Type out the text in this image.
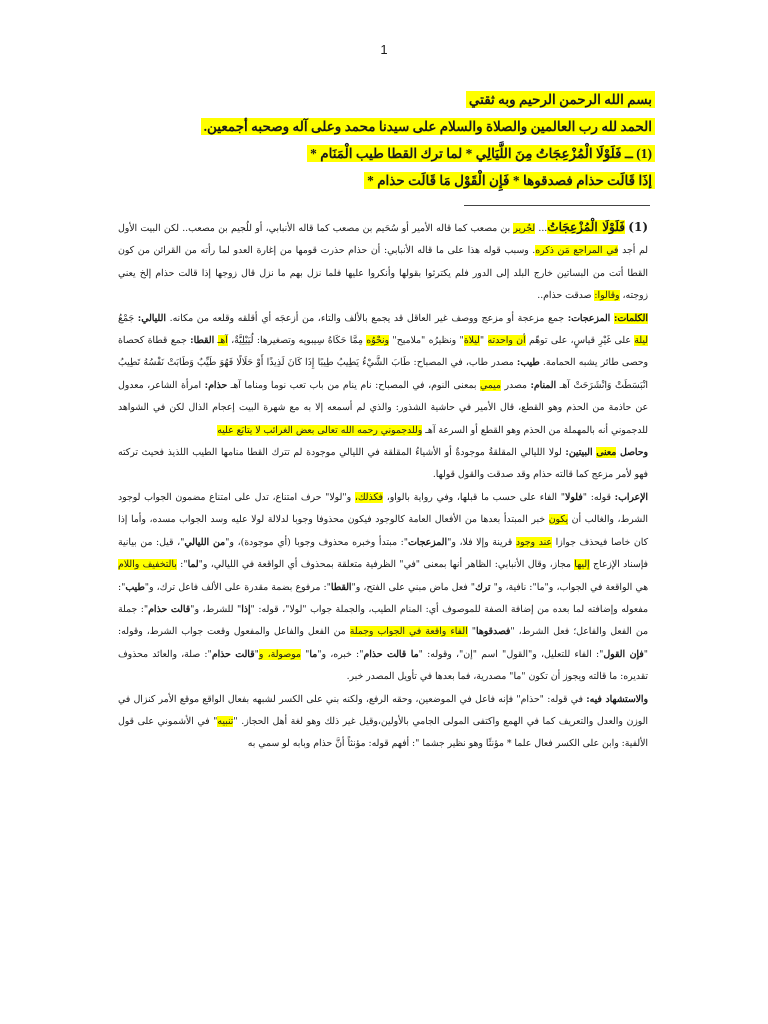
1
بسم الله الرحمن الرحيم وبه ثقتي
الحمد لله رب العالمين والصلاة والسلام على سيدنا محمد وعلى آله وصحبه أجمعين.
(1) ــ فَلَوْلَا الْمُزْعِجَاتُ مِنَ اللَّيَالِي * لما ترك القطا طيب الْمَنَام *
إذَا قَالَت حذام فصدقوها * فَإِن الْقَوْل مَا قَالَت حذام *

(1) فَلَوْلَا الْمُزْعِجَاتُ... لجُرير بن مصعب كما قاله الأمير أو سُحَيم بن مصعب كما قاله الأنبابي، أو للُجيم بن مصعب.. لكن البيت الأول لم أجد في المراجع مَن ذكره. وسبب قوله هذا على ما قاله الأنبابي: أن حذام حذرت قومها من إغارة العدو لما رأته من القرائن من كون القطا أتت من البساتين خارج البلد إلى الدور فلم يكترثوا بقولها وأنكروا عليها فلما نزل بهم ما نزل قال زوجها إذا قالت حذام إلخ يعني زوجته، وقالوا: صدقت حذام..

الكلمات: المزعجات: جمع مزعجة أو مزعج ووصف غير العاقل قد يجمع بالألف والتاء، من أزعجَه أي أقلقه وقلعه من مكانه. الليالي: جَمْعُ ليلة على غَيْرِ قياسٍ، على توهّم أن واحدته "ليلاة" ونظيرُه "ملاميح" ونحْوُه مِمَّا حَكَاهُ سِيبويه وتصغيرها: لُيَيْلِيَّةٌ، آهـ القطا: جمع قطاة كحصاة وحصى طائر يشبه الحمامة. طيب: مصدر طاب، في المصباح: طَابَ الشَّيْءُ يَطِيبُ طِيبًا إِذَا كَانَ لَذِيذًا أَوْ حَلَالًا فَهُوَ طَيِّبٌ وَطَابَتْ نَفْسُهُ تَطِيبُ انْبَسَطَتْ وَانْشَرَحَتْ آهـ المنام: مصدر ميمي بمعنى النوم، في المصباح: نام ينام من باب تعب نوما ومناما آهـ حذام: امرأة الشاعر، معدول عن حاذمة من الحذم وهو القطع، قال الأمير في حاشية الشذور: والذي لم أسمعه إلا به مع شهرة البيت إعجام الذال لكن في الشواهد للدجموني أنه بالمهملة من الحذم وهو القطع أو السرعة آهـ وللدجموني رحمه الله تعالى بعض الغرائب لا يتابَع عليه

وحاصل معنى البيتين: لولا الليالي المقلقةُ موجودةٌ أو الأشياءُ المقلقة في الليالي موجودة لم تترك القطا منامها الطيب اللذيذ فحيث تركته فهو لأمر مزعج كما قالته حذام وقد صدقت والقول قولها.

الإعراب: قوله: "فلولا" الفاء على حسب ما قبلها، وفي رواية بالواو، فكذلك، و"لولا" حرف امتناع، تدل على امتناع مضمون الجواب لوجود الشرط، والغالب أن يكون خبر المبتدأ بعدها من الأفعال العامة كالوجود فيكون محذوفا وجوبا لدلالة لولا عليه وسد الجواب مسده، وأما إذا كان خاصا فيحذف جوازا عند وجود قرينة وإلا فلا، و"المزعجات": مبتدأ وخبره محذوف وجوبا (أي موجودة)، و"من الليالي"، قيل: من بيانية فإسناد الإزعاج إليها مجاز، وقال الأنبابي: الظاهر أنها بمعنى "في" الظرفية متعلقة بمحذوف أي الواقعة في الليالي، و"لما": بالتخفيف واللام هي الواقعة في الجواب، و"ما": نافية، و" ترك" فعل ماض مبني على الفتح، و"القطا": مرفوع بضمة مقدرة على الألف فاعل ترك، و"طيب": مفعوله وإضافته لما بعده من إضافة الصفة للموصوف أي: المنام الطيب، والجملة جواب "لولا"، قوله: "إذا" للشرط، و"قالت حذام": جملة من الفعل والفاعل؛ فعل الشرط، "فصدقوها" الفاء واقعة في الجواب وجملة من الفعل والفاعل والمفعول وقعت جواب الشرط، وقوله: "فإن القول": الفاء للتعليل، و"القول" اسم "إن"، وقوله: "ما قالت حذام": خبره، و"ما" موصولة، و"قالت حذام": صلة، والعائد محذوف تقديره: ما قالته ويجوز أن تكون "ما" مصدرية، فما بعدها في تأويل المصدر خبر.

والاستشهاد فيه: في قوله: "حذام" فإنه فاعل في الموضعين، وحقه الرفع، ولكنه بني على الكسر لشبهه بفعال الواقع موقع الأمر كنزال في الوزن والعدل والتعريف كما في الهمع واكتفى المولى الجامي بالأولين،وقيل غير ذلك وهو لغة أهل الحجاز. "تنبيه" في الأشموني على قول الألفية: وابن على الكسر فعال علما * مؤنثًا وهو نظير جشما ": أفهم قوله: مؤنثاً أنَّ حذام وبابه لو سمي به
